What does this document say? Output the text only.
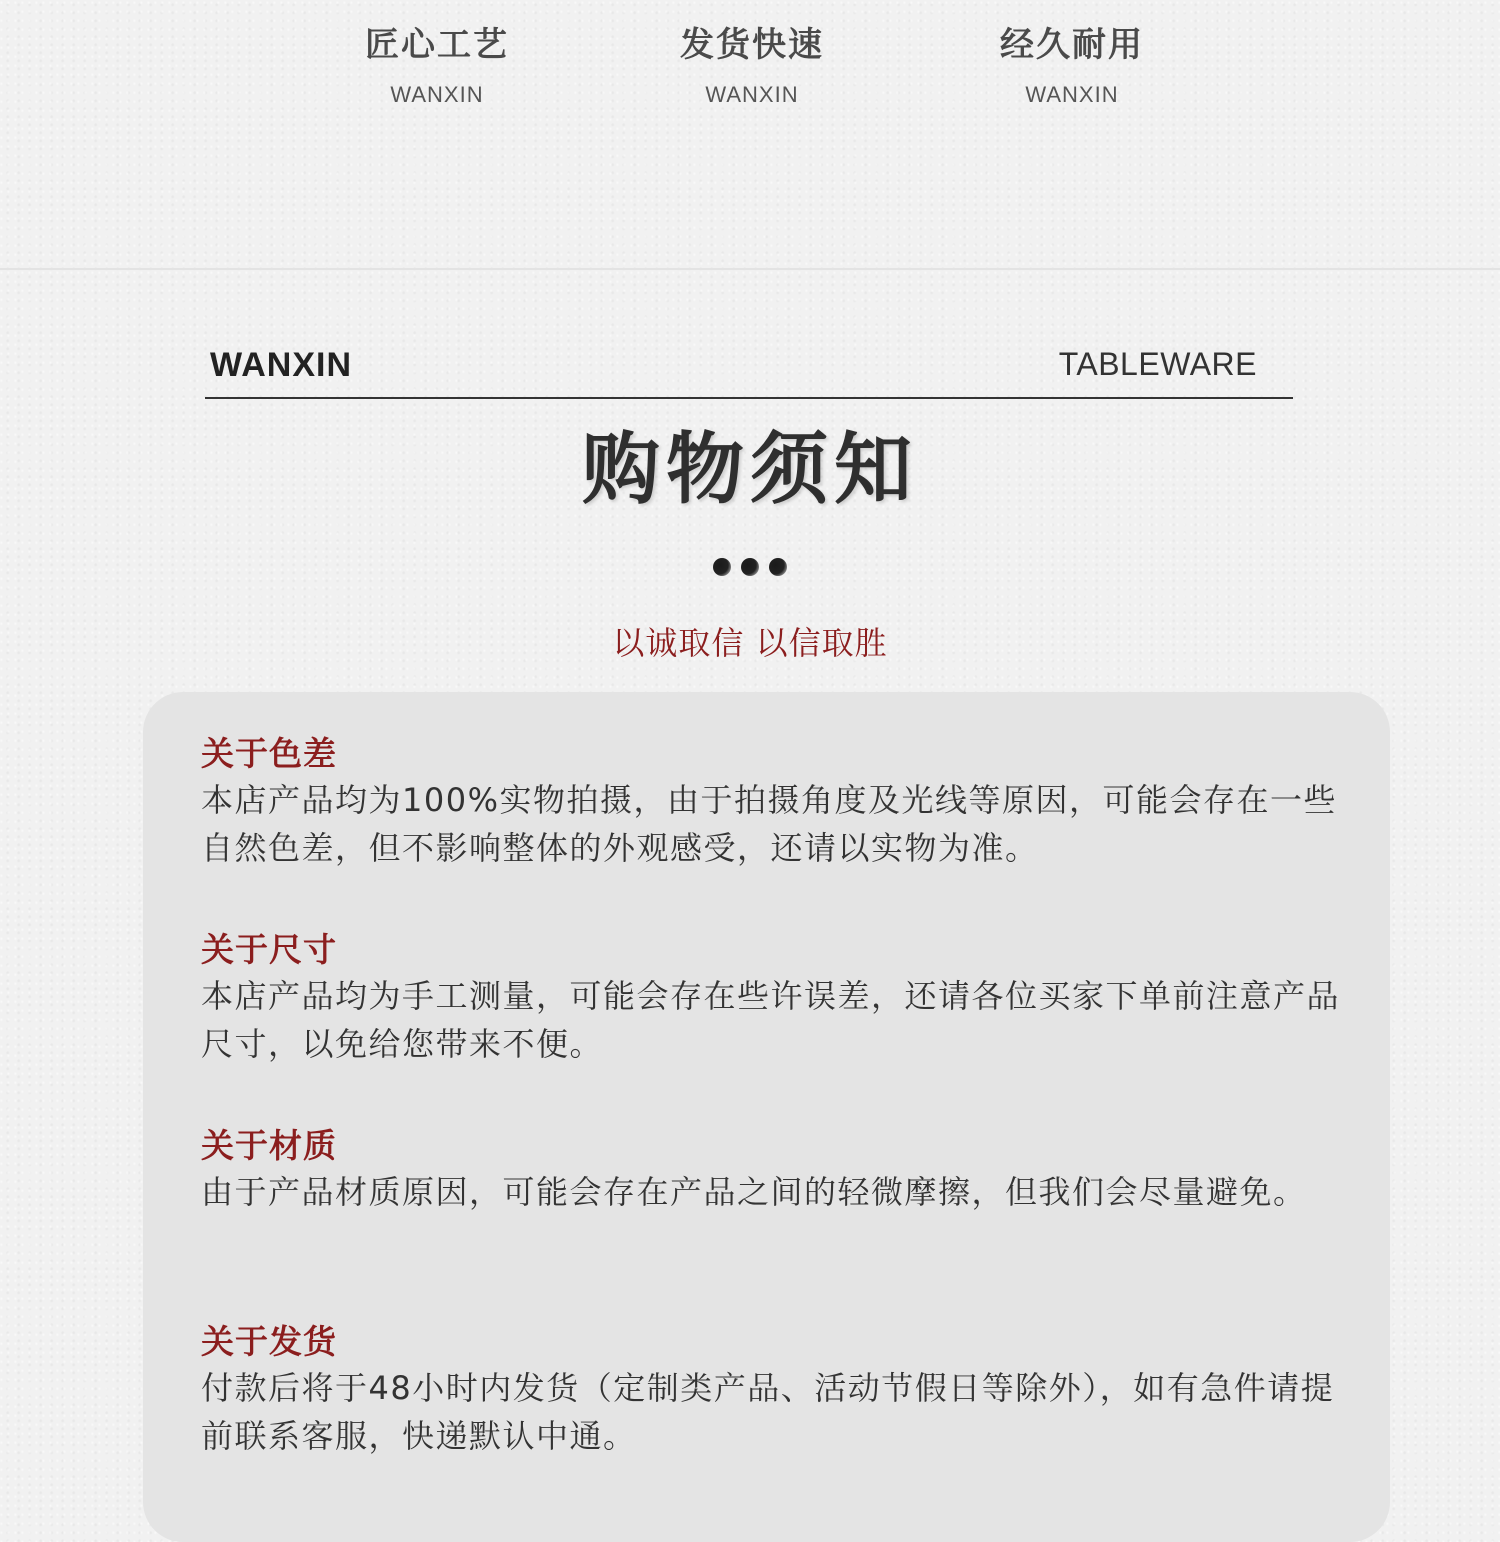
匠心工艺
WANXIN
发货快速
WANXIN
经久耐用
WANXIN
WANXIN	TABLEWARE
购物须知
以诚取信 以信取胜
关于色差
本店产品均为100%实物拍摄，由于拍摄角度及光线等原因，可能会存在一些自然色差，但不影响整体的外观感受，还请以实物为准。
关于尺寸
本店产品均为手工测量，可能会存在些许误差，还请各位买家下单前注意产品尺寸，以免给您带来不便。
关于材质
由于产品材质原因，可能会存在产品之间的轻微摩擦，但我们会尽量避免。
关于发货
付款后将于48小时内发货（定制类产品、活动节假日等除外），如有急件请提前联系客服，快递默认中通。
